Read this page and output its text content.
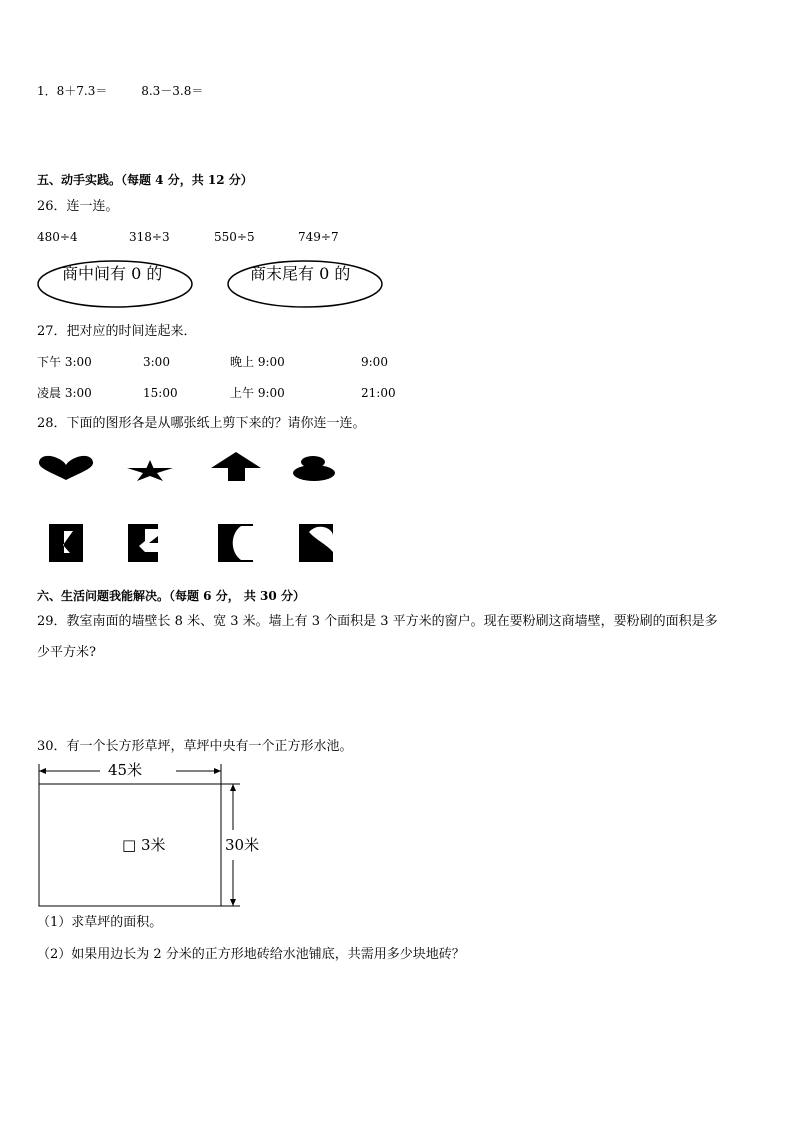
1．8＋7.3＝	8.3－3.8＝
五、动手实践。（每题 4 分，共 12 分）
26．连一连。
480÷4	318÷3	550÷5	749÷7
商中间有 0 的	商末尾有 0 的
27．把对应的时间连起来．
下午 3:00	3:00	晚上 9:00	9:00
凌晨 3:00	15:00	上午 9:00	21:00
28．下面的图形各是从哪张纸上剪下来的？请你连一连。
六、生活问题我能解决。（每题 6 分， 共 30 分）
29．教室南面的墙壁长 8 米、宽 3 米。墙上有 3 个面积是 3 平方米的窗户。现在要粉刷这商墙壁，要粉刷的面积是多
少平方米?
30．有一个长方形草坪，草坪中央有一个正方形水池。
45米
30米
□ 3米
（1）求草坪的面积。
（2）如果用边长为 2 分米的正方形地砖给水池铺底，共需用多少块地砖？
